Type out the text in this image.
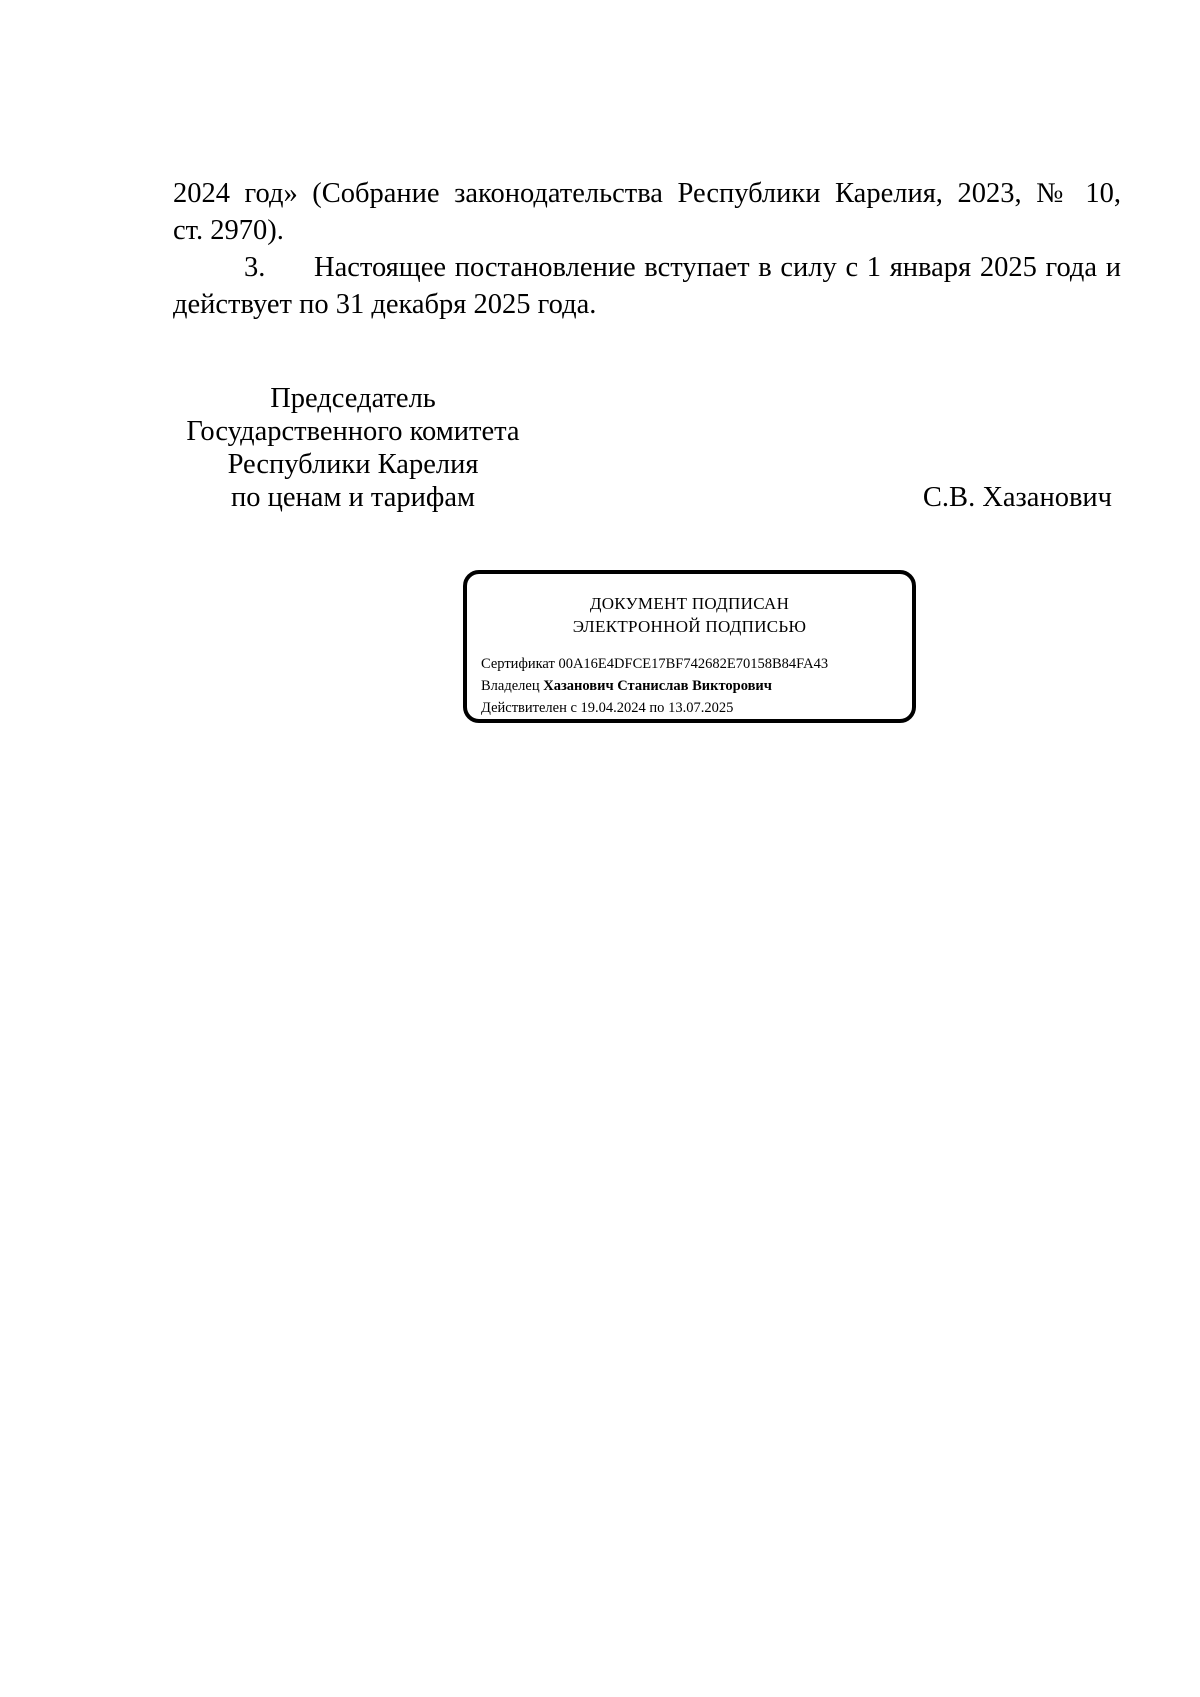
2024 год» (Собрание законодательства Республики Карелия, 2023, № 10,
ст. 2970).
3.	Настоящее постановление вступает в силу с 1 января 2025 года и
действует по 31 декабря 2025 года.
Председатель
Государственного комитета
Республики Карелия
по ценам и тарифам	С.В. Хазанович
ДОКУМЕНТ ПОДПИСАН
ЭЛЕКТРОННОЙ ПОДПИСЬЮ
Сертификат 00A16E4DFCE17BF742682E70158B84FA43
Владелец Хазанович Станислав Викторович
Действителен с 19.04.2024 по 13.07.2025
